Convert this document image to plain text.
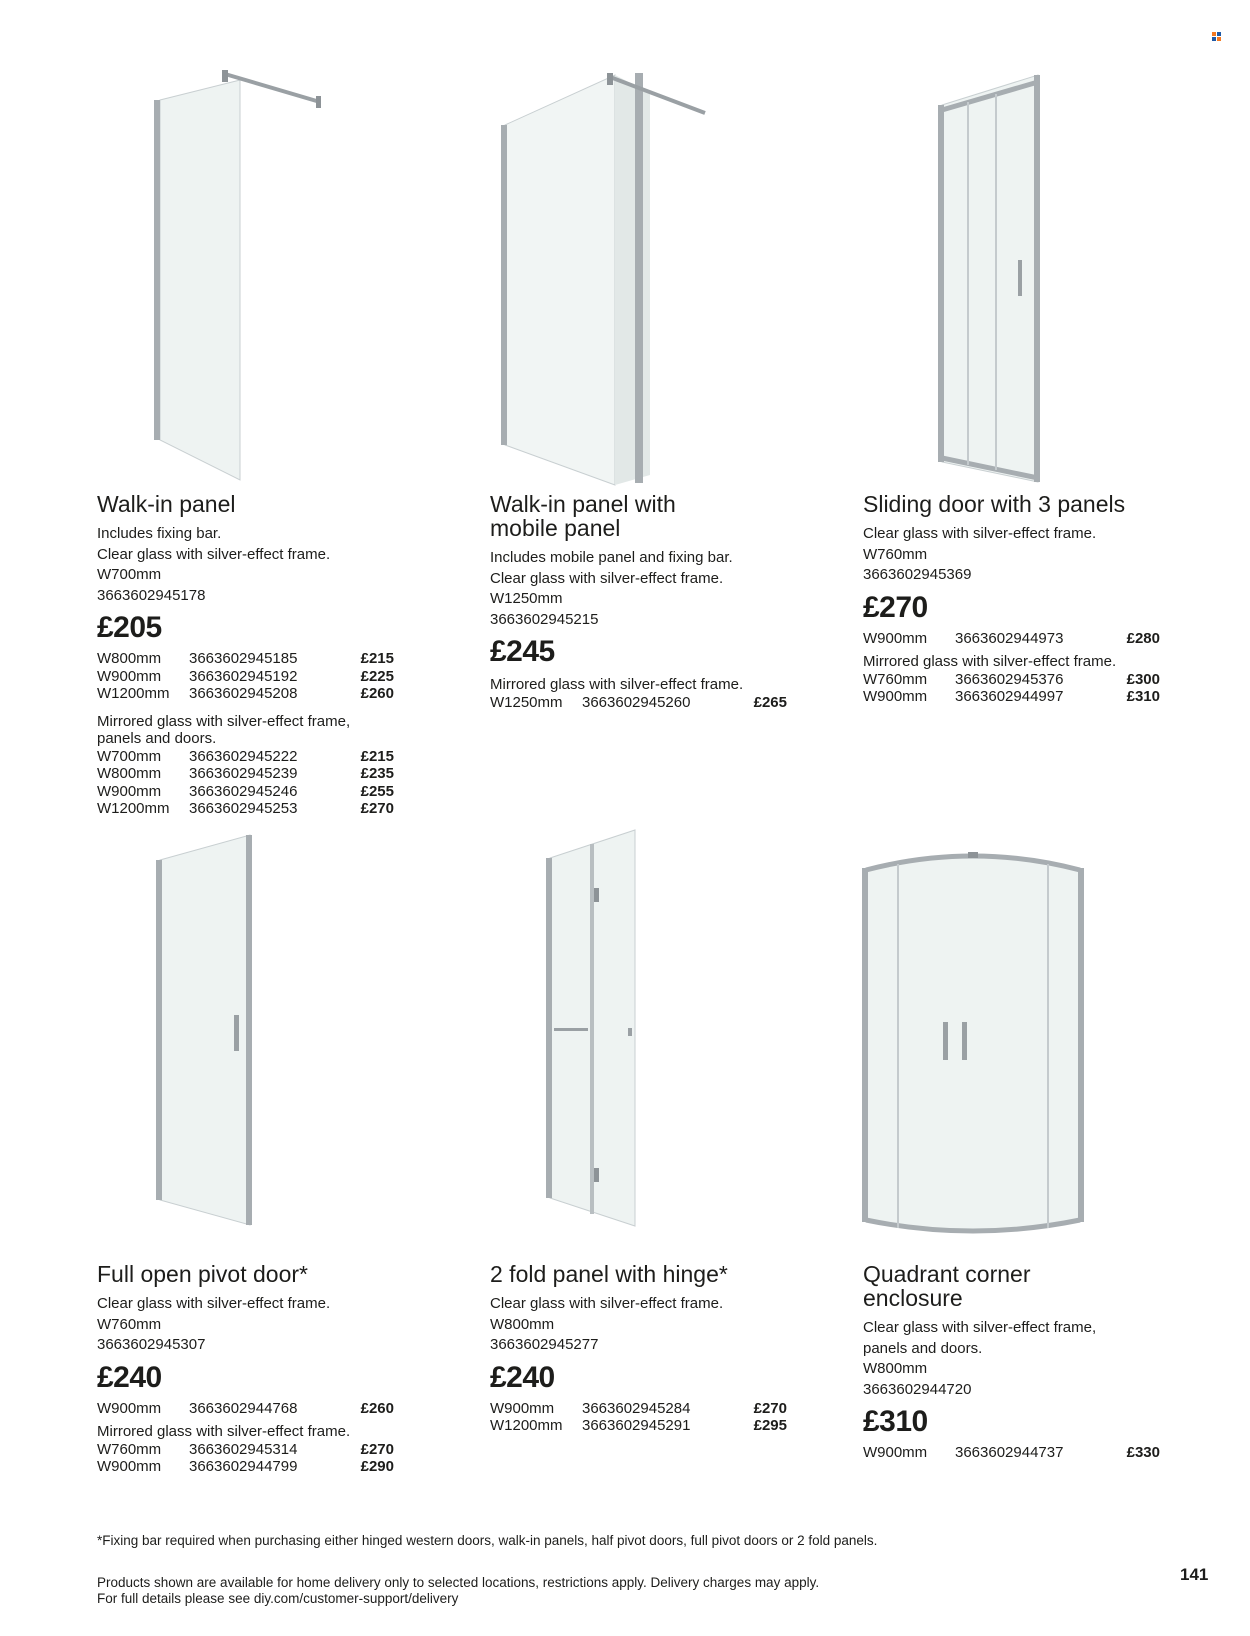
Walk-in panel
Includes fixing bar.
Clear glass with silver-effect frame.
W700mm
3663602945178
£205
W800mm	3663602945185	£215
W900mm	3663602945192	£225
W1200mm	3663602945208	£260
Mirrored glass with silver-effect frame, panels and doors.
W700mm	3663602945222	£215
W800mm	3663602945239	£235
W900mm	3663602945246	£255
W1200mm	3663602945253	£270
Walk-in panel with mobile panel
Includes mobile panel and fixing bar.
Clear glass with silver-effect frame.
W1250mm
3663602945215
£245
Mirrored glass with silver-effect frame.
W1250mm	3663602945260	£265
Sliding door with 3 panels
Clear glass with silver-effect frame.
W760mm
3663602945369
£270
W900mm	3663602944973	£280
Mirrored glass with silver-effect frame.
W760mm	3663602945376	£300
W900mm	3663602944997	£310
Full open pivot door*
Clear glass with silver-effect frame.
W760mm
3663602945307
£240
W900mm	3663602944768	£260
Mirrored glass with silver-effect frame.
W760mm	3663602945314	£270
W900mm	3663602944799	£290
2 fold panel with hinge*
Clear glass with silver-effect frame.
W800mm
3663602945277
£240
W900mm	3663602945284	£270
W1200mm	3663602945291	£295
Quadrant corner enclosure
Clear glass with silver-effect frame, panels and doors.
W800mm
3663602944720
£310
W900mm	3663602944737	£330
*Fixing bar required when purchasing either hinged western doors, walk-in panels, half pivot doors, full pivot doors or 2 fold panels.
Products shown are available for home delivery only to selected locations, restrictions apply. Delivery charges may apply.
For full details please see diy.com/customer-support/delivery
141
